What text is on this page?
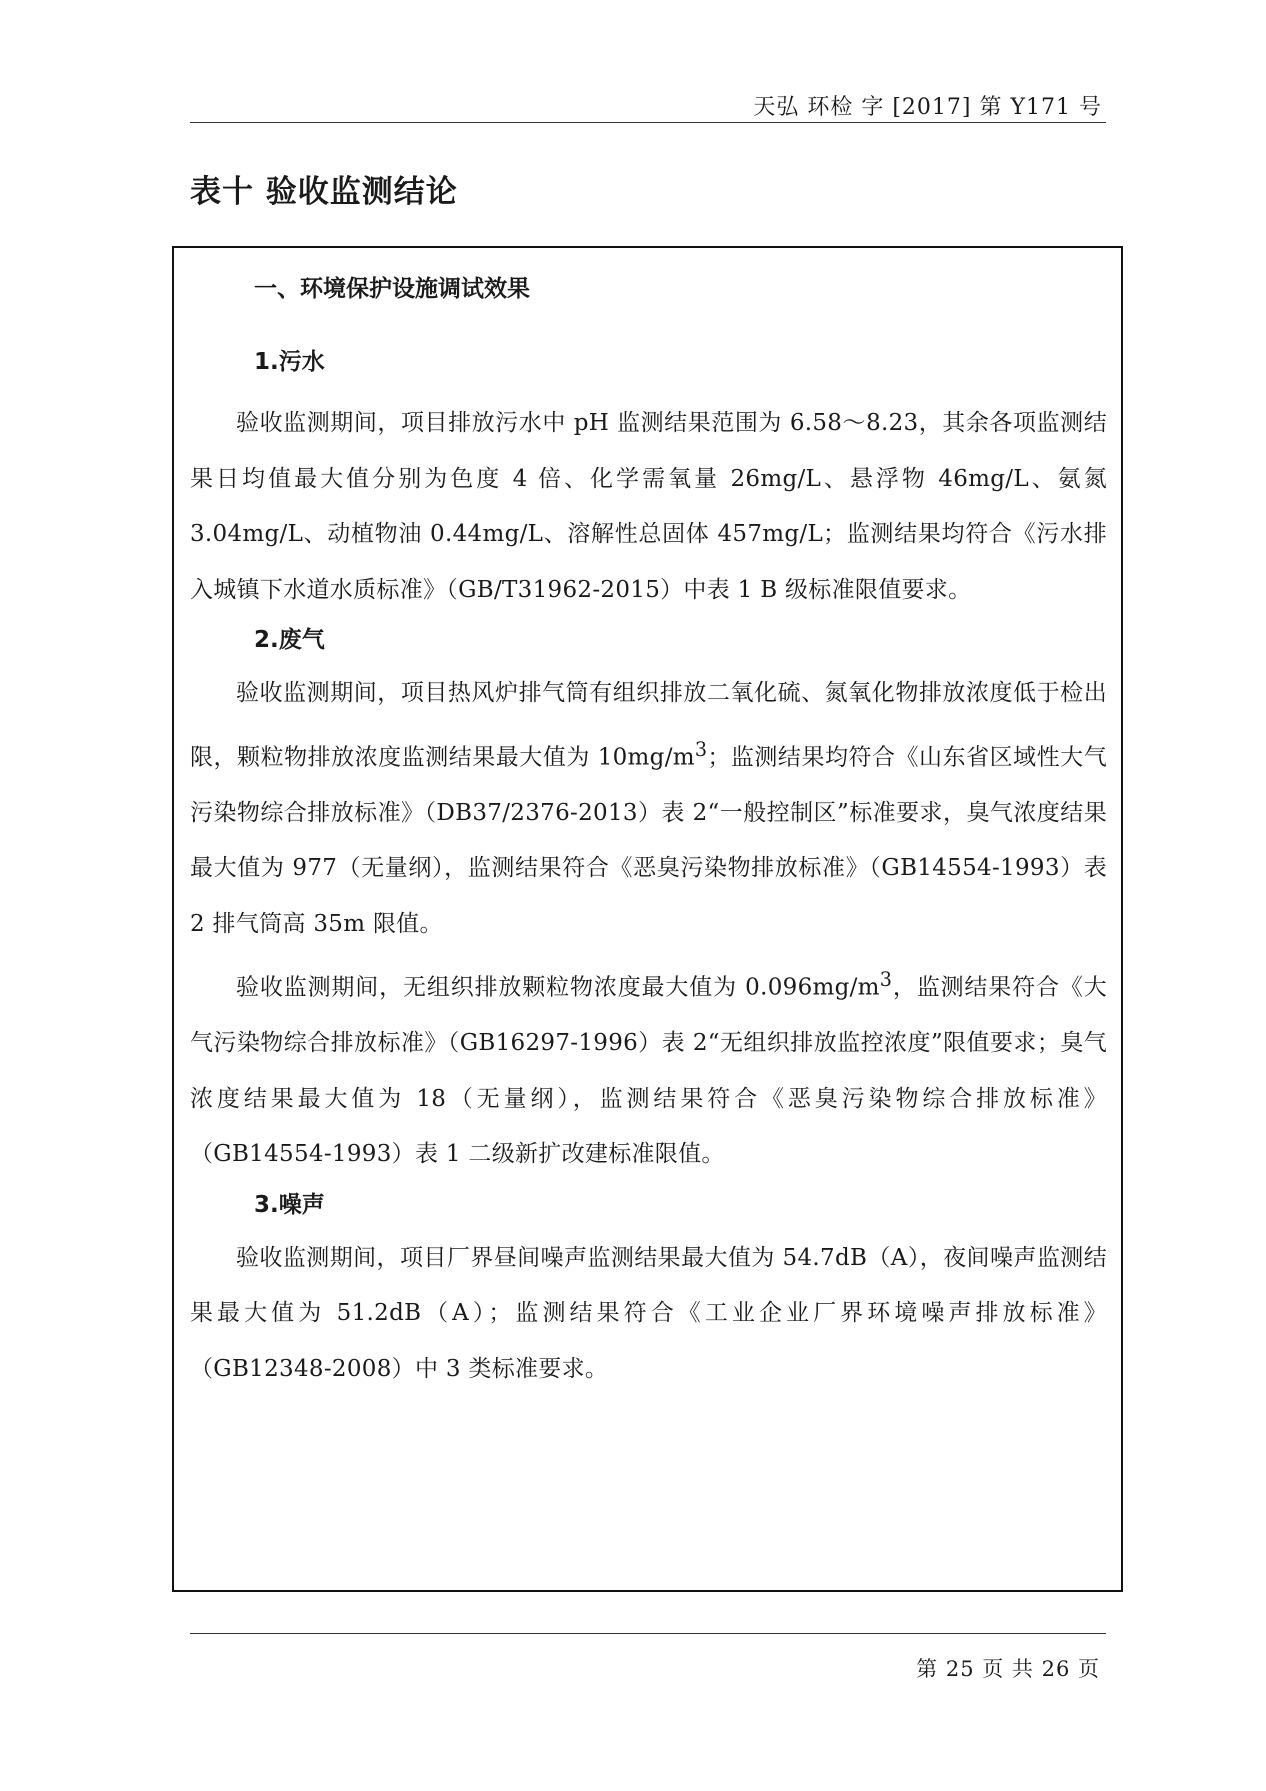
天弘 环检 字 [2017] 第 Y171 号
表十 验收监测结论
一、环境保护设施调试效果
1.污水

验收监测期间，项目排放污水中 pH 监测结果范围为 6.58～8.23，其余各项监测结果日均值最大值分别为色度 4 倍、化学需氧量 26mg/L、悬浮物 46mg/L、氨氮 3.04mg/L、动植物油 0.44mg/L、溶解性总固体 457mg/L；监测结果均符合《污水排入城镇下水道水质标准》（GB/T31962-2015）中表 1 B 级标准限值要求。

2.废气

验收监测期间，项目热风炉排气筒有组织排放二氧化硫、氮氧化物排放浓度低于检出限，颗粒物排放浓度监测结果最大值为 $10mg/m^3$；监测结果均符合《山东省区域性大气污染物综合排放标准》（DB37/2376-2013）表 2“一般控制区”标准要求，臭气浓度结果最大值为 977（无量纲），监测结果符合《恶臭污染物排放标准》（GB14554-1993）表 2 排气筒高 35m 限值。

验收监测期间，无组织排放颗粒物浓度最大值为 $0.096mg/m^3$，监测结果符合《大气污染物综合排放标准》（GB16297-1996）表 2“无组织排放监控浓度”限值要求；臭气浓度结果最大值为 18（无量纲），监测结果符合《恶臭污染物综合排放标准》（GB14554-1993）表 1 二级新扩改建标准限值。

3.噪声

验收监测期间，项目厂界昼间噪声监测结果最大值为 54.7dB（A），夜间噪声监测结果最大值为 51.2dB（A）；监测结果符合《工业企业厂界环境噪声排放标准》（GB12348-2008）中 3 类标准要求。

第 25 页 共 26 页
